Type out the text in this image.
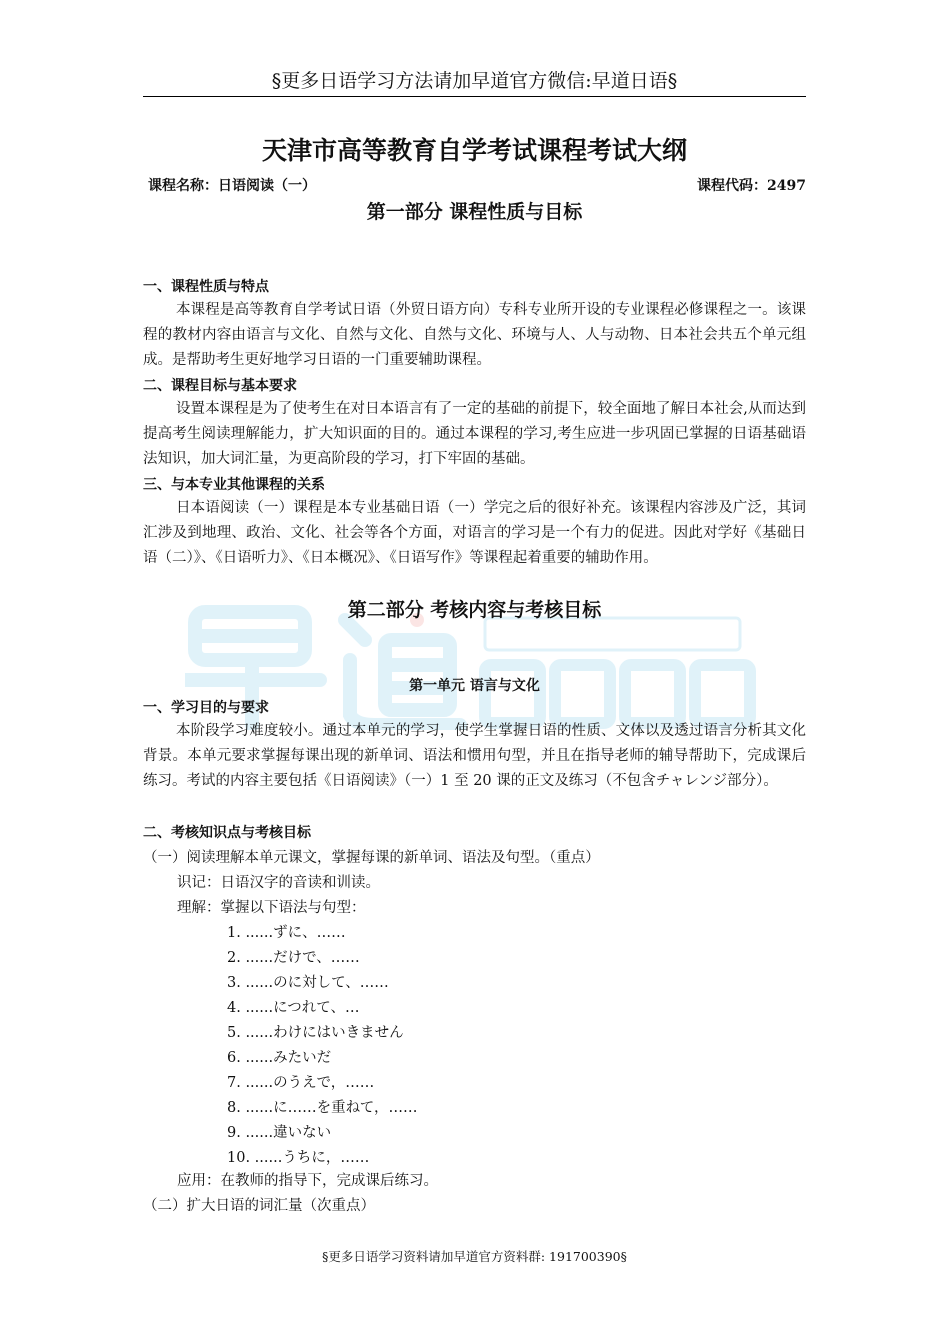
§更多日语学习方法请加早道官方微信:早道日语§
天津市高等教育自学考试课程考试大纲
课程名称：日语阅读（一）	课程代码：2497
第一部分 课程性质与目标
一、课程性质与特点
本课程是高等教育自学考试日语（外贸日语方向）专科专业所开设的专业课程必修课程之一。该课程的教材内容由语言与文化、自然与文化、自然与文化、环境与人、人与动物、日本社会共五个单元组成。是帮助考生更好地学习日语的一门重要辅助课程。
二、课程目标与基本要求
设置本课程是为了使考生在对日本语言有了一定的基础的前提下，较全面地了解日本社会,从而达到提高考生阅读理解能力，扩大知识面的目的。通过本课程的学习,考生应进一步巩固已掌握的日语基础语法知识，加大词汇量，为更高阶段的学习，打下牢固的基础。
三、与本专业其他课程的关系
日本语阅读（一）课程是本专业基础日语（一）学完之后的很好补充。该课程内容涉及广泛，其词汇涉及到地理、政治、文化、社会等各个方面，对语言的学习是一个有力的促进。因此对学好《基础日语（二）》、《日语听力》、《日本概况》、《日语写作》等课程起着重要的辅助作用。
第二部分 考核内容与考核目标
第一单元 语言与文化
一、学习目的与要求
本阶段学习难度较小。通过本单元的学习，使学生掌握日语的性质、文体以及透过语言分析其文化背景。本单元要求掌握每课出现的新单词、语法和惯用句型，并且在指导老师的辅导帮助下，完成课后练习。考试的内容主要包括《日语阅读》（一）1 至 20 课的正文及练习（不包含チャレンジ部分）。
二、考核知识点与考核目标
（一）阅读理解本单元课文，掌握每课的新单词、语法及句型。（重点）
识记：日语汉字的音读和训读。
理解：掌握以下语法与句型：
1. ......ずに、……
2. ......だけで、……
3. ......のに対して、……
4. ......につれて、…
5. ......わけにはいきません
6. ......みたいだ
7. ......のうえで，……
8. ......に……を重ねて，……
9. ......違いない
10. ......うちに，……
应用：在教师的指导下，完成课后练习。
（二）扩大日语的词汇量（次重点）
§更多日语学习资料请加早道官方资料群: 191700390§
